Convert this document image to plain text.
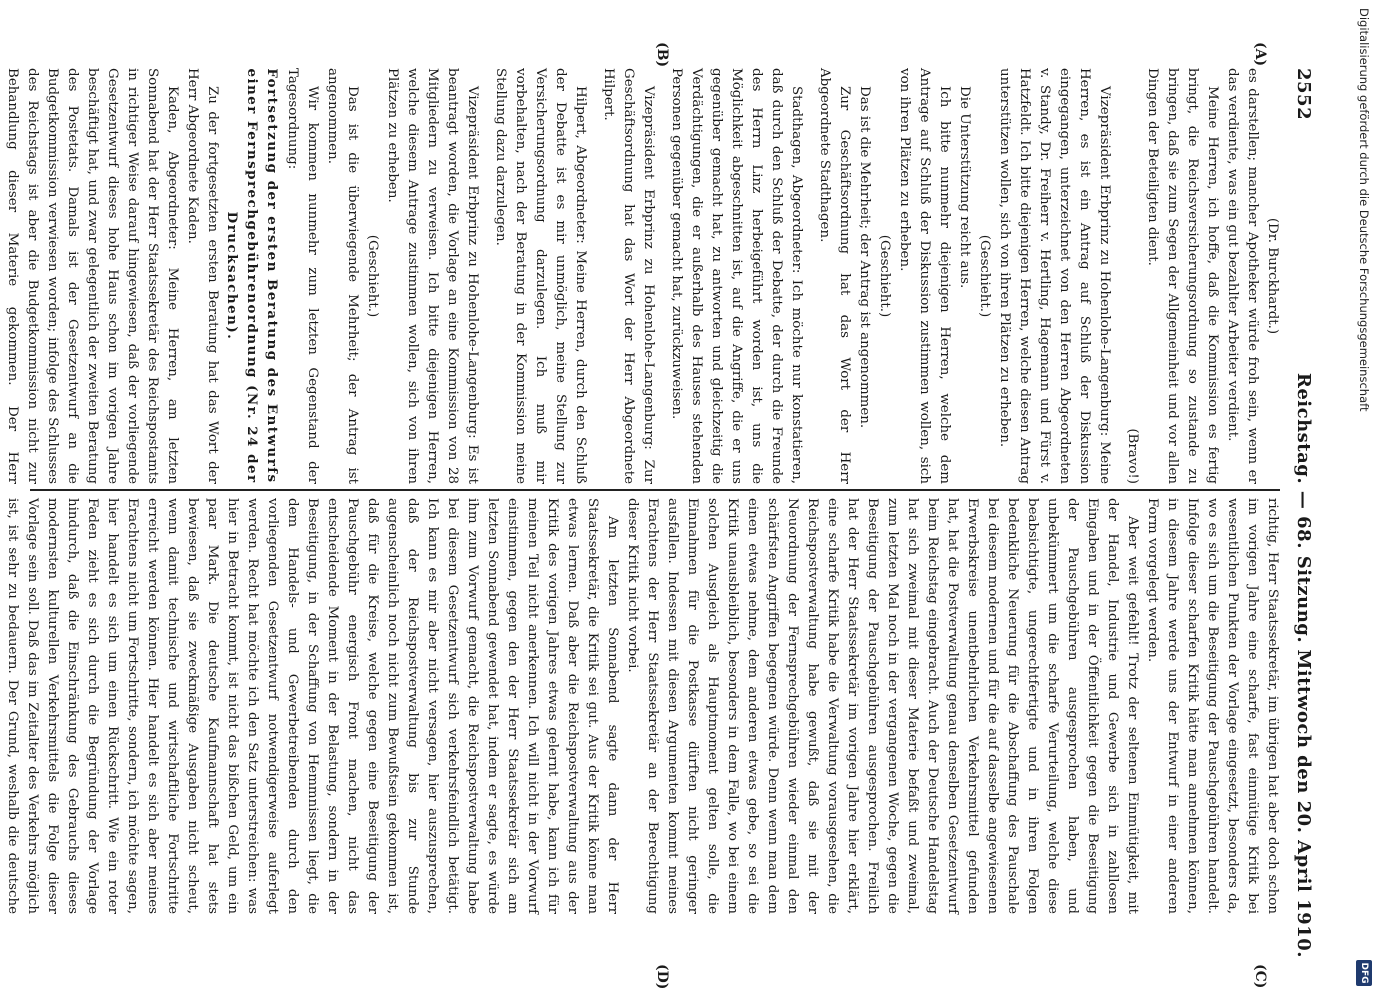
2552
Reichstag. — 68. Sitzung.
Mittwoch den 20. April 1910.
(A)
(B)
(C)
(D)

(Dr. Burckhardt.)

es darstellen; mancher Apotheker würde froh sein, wenn er das verdiente, was ein gut bezahlter Arbeiter verdient.

Meine Herren, ich hoffe, daß die Kommission es fertig bringt, die Reichsversicherungsordnung so zustande zu bringen, daß sie zum Segen der Allgemeinheit und vor allen Dingen der Beteiligten dient.

(Bravo!)

Vizepräsident Erbprinz zu Hohenlohe-Langenburg: Meine Herren, es ist ein Antrag auf Schluß der Diskussion eingegangen, unterzeichnet von den Herren Abgeordneten v. Standy, Dr. Freiherr v. Hertling, Hagemann und Fürst v. Hatzfeldt. Ich bitte diejenigen Herren, welche diesen Antrag unterstützen wollen, sich von ihren Plätzen zu erheben.

(Geschieht.)

Die Unterstützung reicht aus.

Ich bitte nunmehr diejenigen Herren, welche dem Antrage auf Schluß der Diskussion zustimmen wollen, sich von ihren Plätzen zu erheben.

(Geschieht.)

Das ist die Mehrheit; der Antrag ist angenommen.

Zur Geschäftsordnung hat das Wort der Herr Abgeordnete Stadthagen.

Stadthagen, Abgeordneter: Ich möchte nur konstatieren, daß durch den Schluß der Debatte, der durch die Freunde des Herrn Linz herbeigeführt worden ist, uns die Möglichkeit abgeschnitten ist, auf die Angriffe, die er uns gegenüber gemacht hat, zu antworten und gleichzeitig die Verdächtigungen, die er außerhalb des Hauses stehenden Personen gegenüber gemacht hat, zurückzuweisen.

Vizepräsident Erbprinz zu Hohenlohe-Langenburg: Zur Geschäftsordnung hat das Wort der Herr Abgeordnete Hilpert.

Hilpert, Abgeordneter: Meine Herren, durch den Schluß der Debatte ist es mir unmöglich, meine Stellung zur Versicherungsordnung darzulegen. Ich muß mir vorbehalten, nach der Beratung in der Kommission meine Stellung dazu darzulegen.

Vizepräsident Erbprinz zu Hohenlohe-Langenburg: Es ist beantragt worden, die Vorlage an eine Kommission von 28 Mitgliedern zu verweisen. Ich bitte diejenigen Herren, welche diesem Antrage zustimmen wollen, sich von ihren Plätzen zu erheben.

(Geschieht.)

Das ist die überwiegende Mehrheit; der Antrag ist angenommen.

Wir kommen nunmehr zum letzten Gegenstand der Tagesordnung:

Fortsetzung der ersten Beratung des Entwurfs einer Fernsprechgebührenordnung (Nr. 24 der Drucksachen).

Zu der fortgesetzten ersten Beratung hat das Wort der Herr Abgeordnete Kaden.

Kaden, Abgeordneter: Meine Herren, am letzten Sonnabend hat der Herr Staatssekretär des Reichspostamts in richtiger Weise darauf hingewiesen, daß der vorliegende Gesetzentwurf dieses hohe Haus schon im vorigen Jahre beschäftigt hat, und zwar gelegentlich der zweiten Beratung des Postetats. Damals ist der Gesetzentwurf an die Budgetkommission verwiesen worden; infolge des Schlusses des Reichstags ist aber die Budgetkommission nicht zur Behandlung dieser Materie gekommen. Der Herr

richtig, Herr Staatssekretär, im übrigen hat aber doch schon im vorigen Jahre eine scharfe, fast einmütige Kritik bei wesentlichen Punkten der Vorlage eingesetzt, besonders da, wo es sich um die Beseitigung der Pauschgebühren handelt. Infolge dieser scharfen Kritik hätte man annehmen können, in diesem Jahre werde uns der Entwurf in einer anderen Form vorgelegt werden.

Aber weit gefehlt! Trotz der seltenen Einmütigkeit, mit der Handel, Industrie und Gewerbe sich in zahllosen Eingaben und in der Öffentlichkeit gegen die Beseitigung der Pauschgebühren ausgesprochen haben, und unbekümmert um die scharfe Verurteilung, welche diese beabsichtigte, ungerechtfertigte und in ihren Folgen bedenkliche Neuerung für die Abschaffung des Pauschale bei diesem modernen und für die auf dasselbe angewiesenen Erwerbskreise unentbehrlichen Verkehrsmittel gefunden hat, hat die Postverwaltung genau denselben Gesetzentwurf beim Reichstag eingebracht. Auch der Deutsche Handelstag hat sich zweimal mit dieser Materie befaßt und zweimal, zum letzten Mal noch in der vergangenen Woche, gegen die Beseitigung der Pauschgebühren ausgesprochen. Freilich hat der Herr Staatssekretär im vorigen Jahre hier erklärt, eine scharfe Kritik habe die Verwaltung vorausgesehen, die Reichspostverwaltung habe gewußt, daß sie mit der Neuordnung der Fernsprechgebühren wieder einmal den schärfsten Angriffen begegnen würde. Denn wenn man dem einen etwas nehme, dem anderen etwas gebe, so sei die Kritik unausbleiblich, besonders in dem Falle, wo bei einem solchen Ausgleich als Hauptmoment gelten solle, die Einnahmen für die Postkasse dürften nicht geringer ausfallen. Indessen mit diesen Argumenten kommt meines Erachtens der Herr Staatssekretär an der Berechtigung dieser Kritik nicht vorbei.

Am letzten Sonnabend sagte dann der Herr Staatssekretär, die Kritik sei gut. Aus der Kritik könne man etwas lernen. Daß aber die Reichspostverwaltung aus der Kritik des vorigen Jahres etwas gelernt habe, kann ich für meinen Teil nicht anerkennen. Ich will nicht in der Vorwurf einstimmen, gegen den der Herr Staatssekretär sich am letzten Sonnabend gewendet hat, indem er sagte, es würde ihm zum Vorwurf gemacht, die Reichspostverwaltung habe bei diesem Gesetzentwurf sich verkehrsfeindlich betätigt. Ich kann es mir aber nicht versagen, hier auszusprechen, daß der Reichspostverwaltung bis zur Stunde augenscheinlich noch nicht zum Bewußtsein gekommen ist, daß für die Kreise, welche gegen eine Beseitigung der Pauschgebühr energisch Front machen, nicht das entscheidende Moment in der Belastung, sondern in der Beseitigung, in der Schaffung von Hemmnissen liegt, die dem Handels- und Gewerbetreibenden durch den vorliegenden Gesetzentwurf notwendigerweise auferlegt werden. Recht hat möchte ich den Satz unterstreichen: was hier in Betracht kommt, ist nicht das bißchen Geld, um ein paar Mark. Die deutsche Kaufmannschaft hat stets bewiesen, daß sie zweckmäßige Ausgaben nicht scheut, wenn damit technische und wirtschaftliche Fortschritte erreicht werden können. Hier handelt es sich aber meines Erachtens nicht um Fortschritte, sondern, ich möchte sagen, hier handelt es sich um einen Rückschritt. Wie ein roter Faden zieht es sich durch die Begründung der Vorlage hindurch, daß die Einschränkung des Gebrauchs dieses modernsten kulturellen Verkehrsmittels die Folge dieser Vorlage sein soll. Daß das im Zeitalter des Verkehrs möglich ist, ist sehr zu bedauern. Der Grund, weshalb die deutsche

Digitalisierung gefördert durch die Deutsche Forschungsgemeinschaft
DFG
